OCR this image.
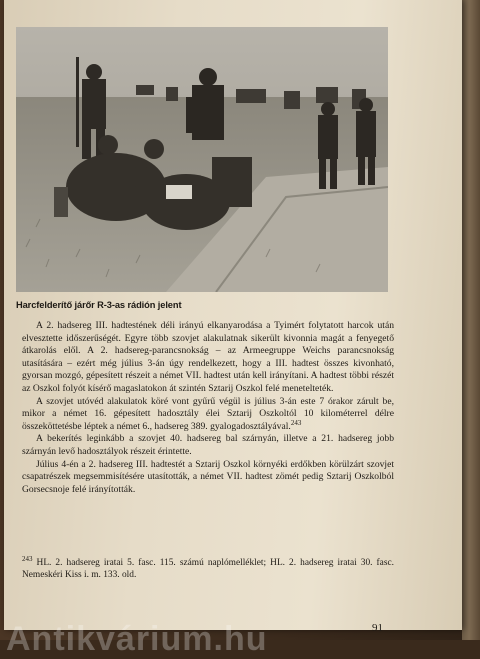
Harcfelderítő járőr R-3-as rádión jelent

A 2. hadsereg III. hadtestének déli irányú elkanyarodása a Tyimért folytatott harcok után elvesztette időszerűségét. Egyre több szovjet alakulatnak sikerült kivonnia magát a fenyegető átkarolás elől. A 2. hadsereg-parancsnokság – az Armeegruppe Weichs parancsnokság utasítására – ezért még július 3-án úgy rendelkezett, hogy a III. hadtest összes kivonható, gyorsan mozgó, gépesített részeit a német VII. hadtest után kell irányítani. A hadtest többi részét az Oszkol folyót kísérő magaslatokon át szintén Sztarij Oszkol felé menetelteték.

A szovjet utóvéd alakulatok köré vont gyűrű végül is július 3-án este 7 órakor zárult be, mikor a német 16. gépesített hadosztály élei Sztarij Oszkoltól 10 kilométerrel délre összeköttetésbe léptek a német 6., hadsereg 389. gyalogadosztályával.$^{243}$

A bekerítés leginkább a szovjet 40. hadsereg bal szárnyán, illetve a 21. hadsereg jobb szárnyán levő hadosztályok részeit érintette.

Július 4-én a 2. hadsereg III. hadtestét a Sztarij Oszkol környéki erdőkben körülzárt szovjet csapatrészek megsemmisítésére utasították, a német VII. hadtest zömét pedig Sztarij Oszkolból Gorsecsnoje felé irányították.

$^{243}$ HL. 2. hadsereg iratai 5. fasc. 115. számú naplómelléklet; HL. 2. hadsereg iratai 30. fasc. Nemeskéri Kiss i. m. 133. old.
91
Antikvárium.hu
